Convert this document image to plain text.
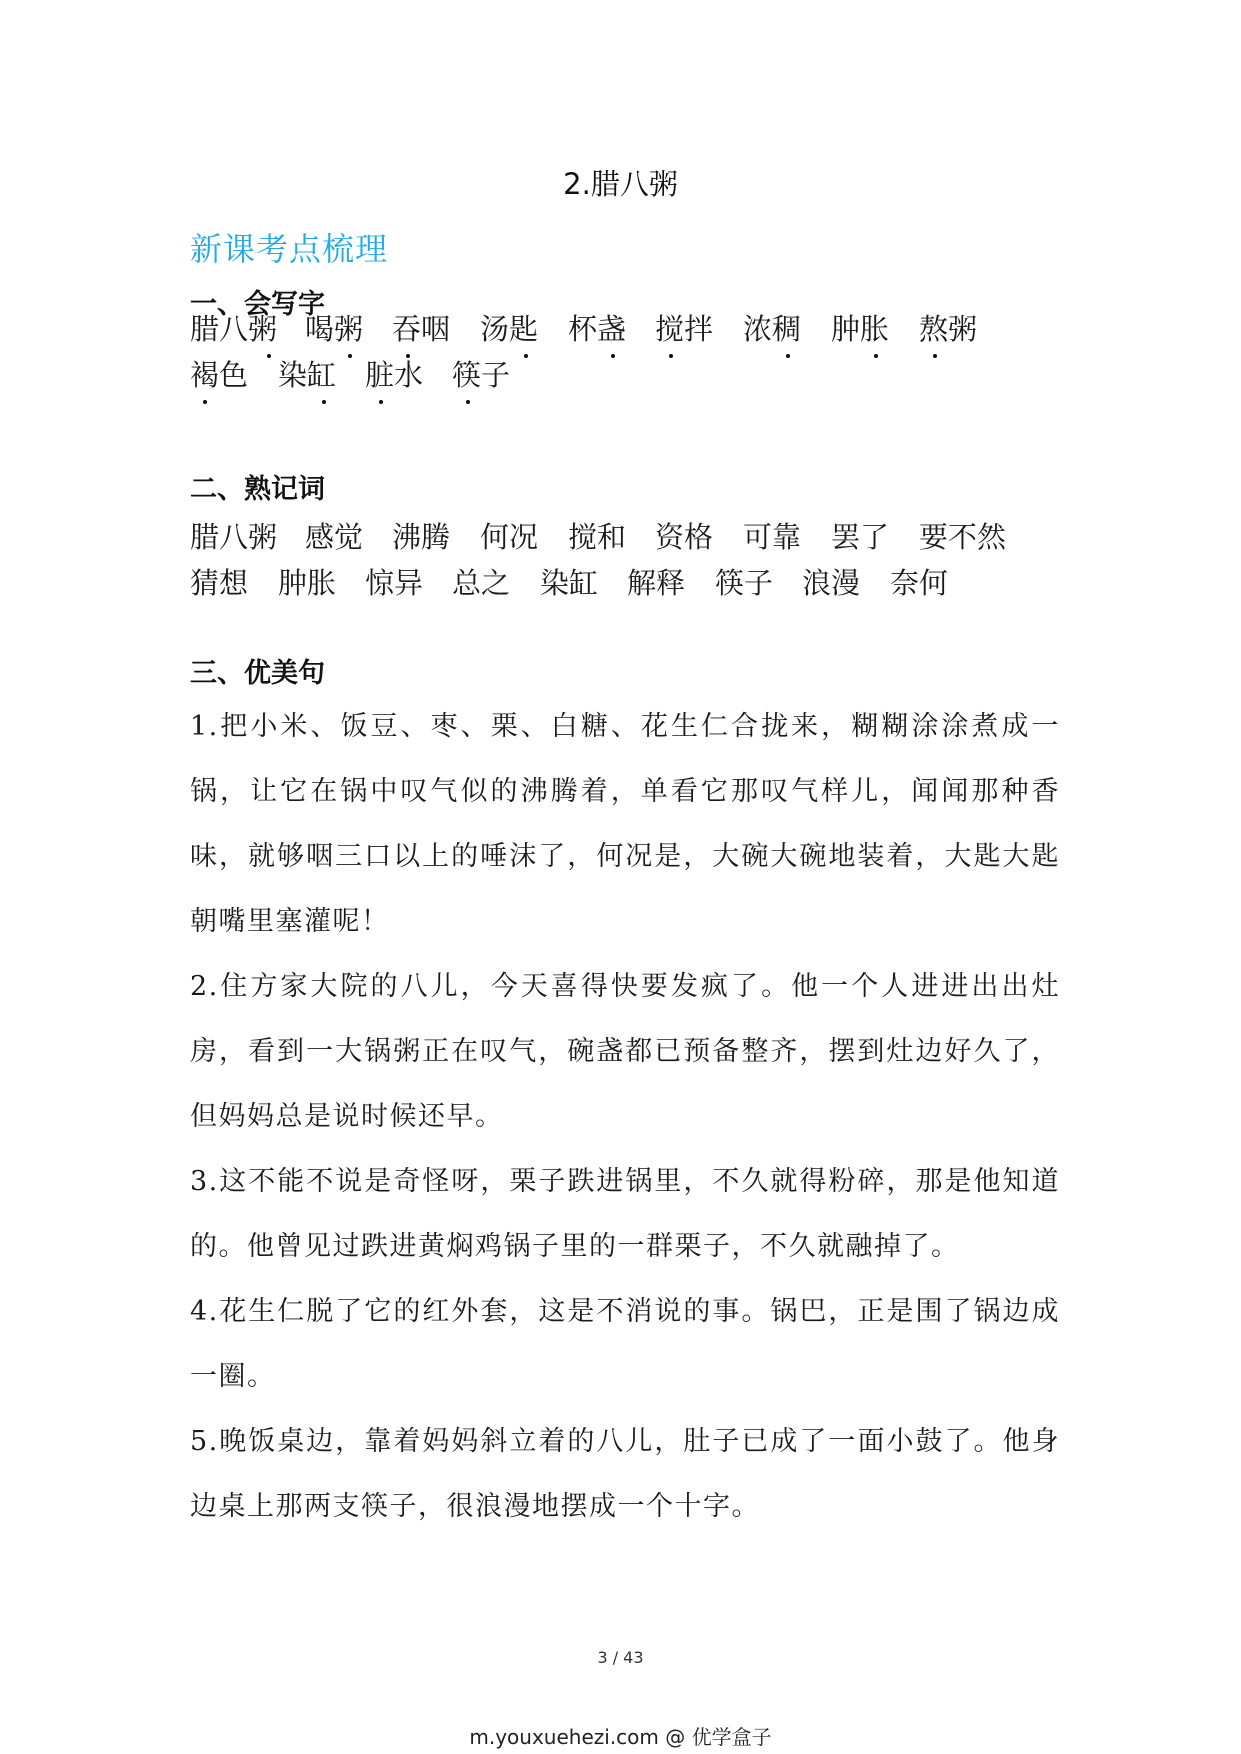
2.腊八粥
新课考点梳理
一、会写字
腊八粥 喝粥 吞咽 汤匙 杯盏 搅拌 浓稠 肿胀 熬粥
褐色 染缸 脏水 筷子
二、熟记词
腊八粥 感觉 沸腾 何况 搅和 资格 可靠 罢了 要不然
猜想 肿胀 惊异 总之 染缸 解释 筷子 浪漫 奈何
三、优美句
1.把小米、饭豆、枣、栗、白糖、花生仁合拢来，糊糊涂涂煮成一锅，让它在锅中叹气似的沸腾着，单看它那叹气样儿，闻闻那种香味，就够咽三口以上的唾沫了，何况是，大碗大碗地装着，大匙大匙朝嘴里塞灌呢！
2.住方家大院的八儿，今天喜得快要发疯了。他一个人进进出出灶房，看到一大锅粥正在叹气，碗盏都已预备整齐，摆到灶边好久了，但妈妈总是说时候还早。
3.这不能不说是奇怪呀，栗子跌进锅里，不久就得粉碎，那是他知道的。他曾见过跌进黄焖鸡锅子里的一群栗子，不久就融掉了。
4.花生仁脱了它的红外套，这是不消说的事。锅巴，正是围了锅边成一圈。
5.晚饭桌边，靠着妈妈斜立着的八儿，肚子已成了一面小鼓了。他身边桌上那两支筷子，很浪漫地摆成一个十字。
3 / 43
m.youxuehezi.com @ 优学盒子
